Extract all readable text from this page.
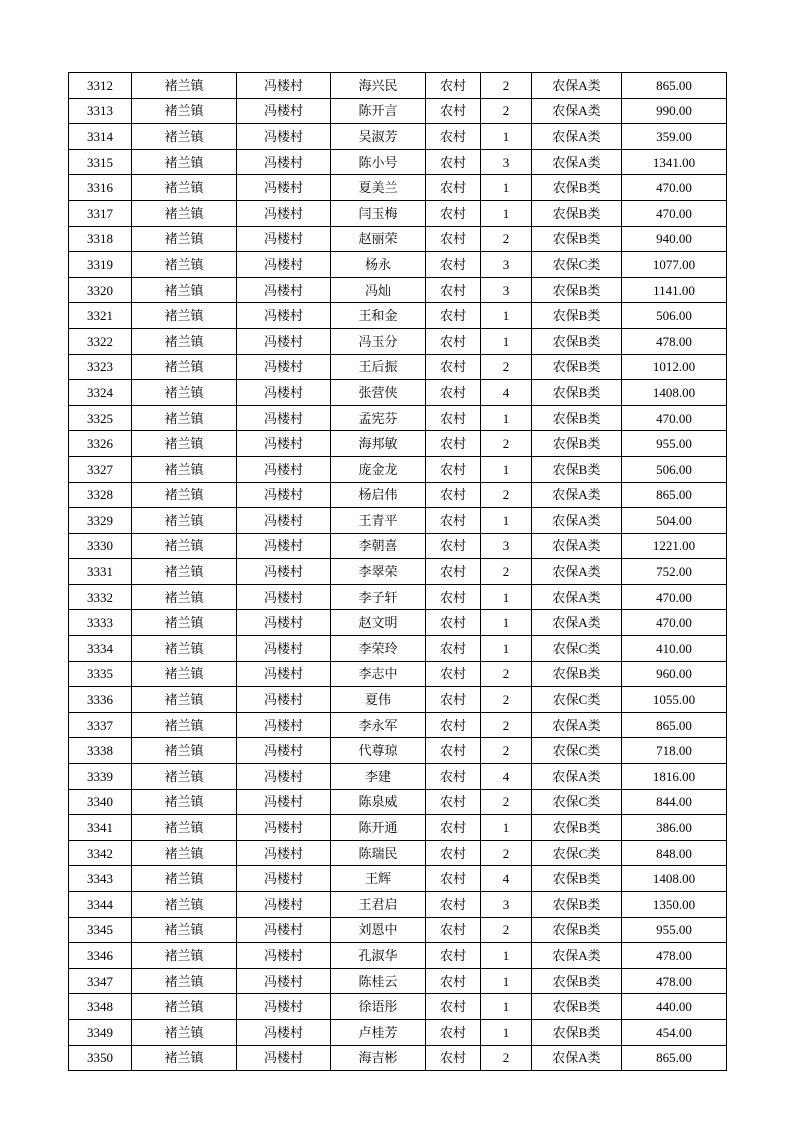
3312	褚兰镇	冯楼村	海兴民	农村	2	农保A类	865.00
3313	褚兰镇	冯楼村	陈开言	农村	2	农保A类	990.00
3314	褚兰镇	冯楼村	吴淑芳	农村	1	农保A类	359.00
3315	褚兰镇	冯楼村	陈小号	农村	3	农保A类	1341.00
3316	褚兰镇	冯楼村	夏美兰	农村	1	农保B类	470.00
3317	褚兰镇	冯楼村	闫玉梅	农村	1	农保B类	470.00
3318	褚兰镇	冯楼村	赵丽荣	农村	2	农保B类	940.00
3319	褚兰镇	冯楼村	杨永	农村	3	农保C类	1077.00
3320	褚兰镇	冯楼村	冯灿	农村	3	农保B类	1141.00
3321	褚兰镇	冯楼村	王和金	农村	1	农保B类	506.00
3322	褚兰镇	冯楼村	冯玉分	农村	1	农保B类	478.00
3323	褚兰镇	冯楼村	王后振	农村	2	农保B类	1012.00
3324	褚兰镇	冯楼村	张营侠	农村	4	农保B类	1408.00
3325	褚兰镇	冯楼村	孟宪芬	农村	1	农保B类	470.00
3326	褚兰镇	冯楼村	海邦敏	农村	2	农保B类	955.00
3327	褚兰镇	冯楼村	庞金龙	农村	1	农保B类	506.00
3328	褚兰镇	冯楼村	杨启伟	农村	2	农保A类	865.00
3329	褚兰镇	冯楼村	王青平	农村	1	农保A类	504.00
3330	褚兰镇	冯楼村	李朝喜	农村	3	农保A类	1221.00
3331	褚兰镇	冯楼村	李翠荣	农村	2	农保A类	752.00
3332	褚兰镇	冯楼村	李子轩	农村	1	农保A类	470.00
3333	褚兰镇	冯楼村	赵文明	农村	1	农保A类	470.00
3334	褚兰镇	冯楼村	李荣玲	农村	1	农保C类	410.00
3335	褚兰镇	冯楼村	李志中	农村	2	农保B类	960.00
3336	褚兰镇	冯楼村	夏伟	农村	2	农保C类	1055.00
3337	褚兰镇	冯楼村	李永军	农村	2	农保A类	865.00
3338	褚兰镇	冯楼村	代尊琼	农村	2	农保C类	718.00
3339	褚兰镇	冯楼村	李建	农村	4	农保A类	1816.00
3340	褚兰镇	冯楼村	陈泉威	农村	2	农保C类	844.00
3341	褚兰镇	冯楼村	陈开通	农村	1	农保B类	386.00
3342	褚兰镇	冯楼村	陈瑞民	农村	2	农保C类	848.00
3343	褚兰镇	冯楼村	王辉	农村	4	农保B类	1408.00
3344	褚兰镇	冯楼村	王君启	农村	3	农保B类	1350.00
3345	褚兰镇	冯楼村	刘恩中	农村	2	农保B类	955.00
3346	褚兰镇	冯楼村	孔淑华	农村	1	农保A类	478.00
3347	褚兰镇	冯楼村	陈桂云	农村	1	农保B类	478.00
3348	褚兰镇	冯楼村	徐语彤	农村	1	农保B类	440.00
3349	褚兰镇	冯楼村	卢桂芳	农村	1	农保B类	454.00
3350	褚兰镇	冯楼村	海吉彬	农村	2	农保A类	865.00
